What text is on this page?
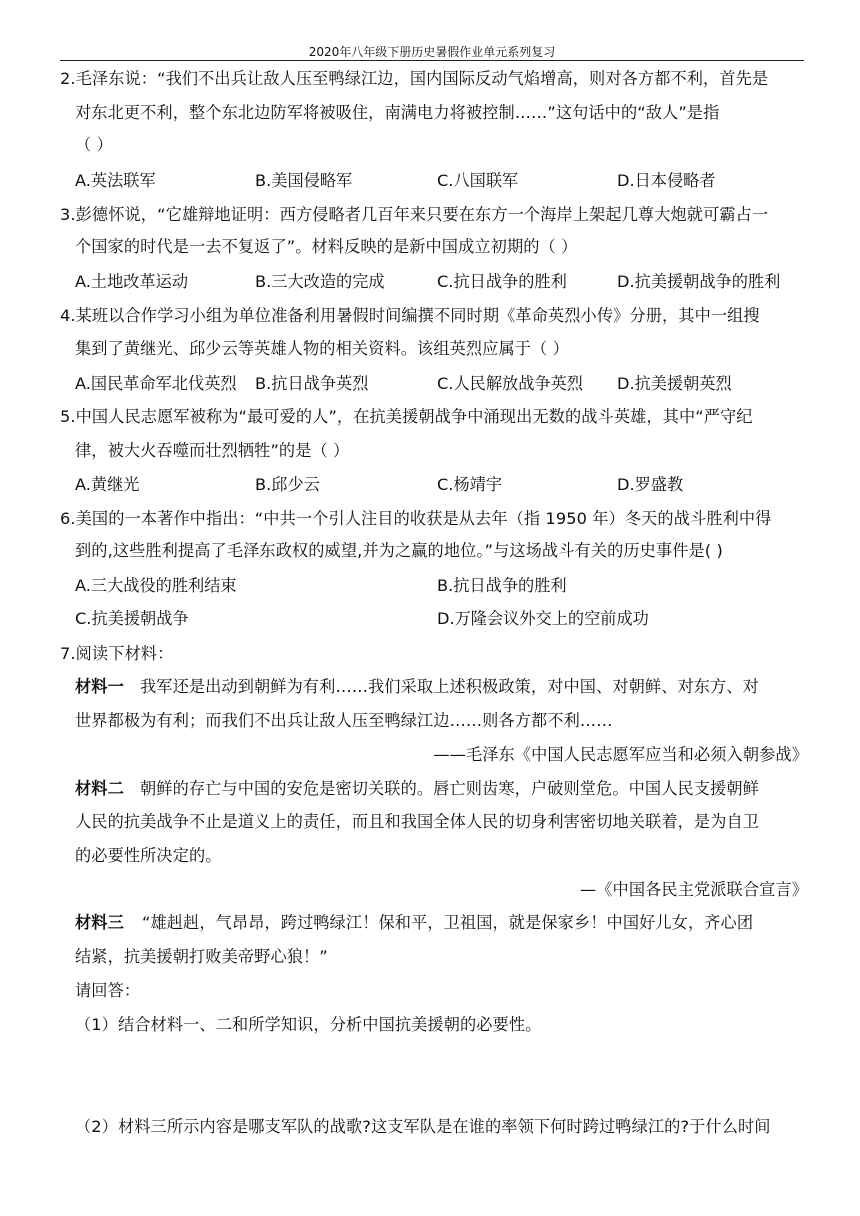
2020年八年级下册历史暑假作业单元系列复习
2.毛泽东说：“我们不出兵让敌人压至鸭绿江边，国内国际反动气焰增高，则对各方都不利，首先是
对东北更不利，整个东北边防军将被吸住，南满电力将被控制……”这句话中的“敌人”是指
（ ）
A.英法联军	B.美国侵略军	C.八国联军	D.日本侵略者
3.彭德怀说，“它雄辩地证明：西方侵略者几百年来只要在东方一个海岸上架起几尊大炮就可霸占一
个国家的时代是一去不复返了”。材料反映的是新中国成立初期的（ ）
A.土地改革运动	B.三大改造的完成	C.抗日战争的胜利	D.抗美援朝战争的胜利
4.某班以合作学习小组为单位准备利用暑假时间编撰不同时期《革命英烈小传》分册，其中一组搜
集到了黄继光、邱少云等英雄人物的相关资料。该组英烈应属于（ ）
A.国民革命军北伐英烈 B.抗日战争英烈	C.人民解放战争英烈 D.抗美援朝英烈
5.中国人民志愿军被称为“最可爱的人”，在抗美援朝战争中涌现出无数的战斗英雄，其中“严守纪
律，被大火吞噬而壮烈牺牲”的是（ ）
A.黄继光	B.邱少云	C.杨靖宇	D.罗盛教
6.美国的一本著作中指出：“中共一个引人注目的收获是从去年（指 1950 年）冬天的战斗胜利中得
到的,这些胜利提高了毛泽东政权的威望,并为之赢的地位。”与这场战斗有关的历史事件是( )
A.三大战役的胜利结束	B.抗日战争的胜利
C.抗美援朝战争	D.万隆会议外交上的空前成功
7.阅读下材料：
材料一 我军还是出动到朝鲜为有利……我们采取上述积极政策，对中国、对朝鲜、对东方、对
世界都极为有利；而我们不出兵让敌人压至鸭绿江边……则各方都不利……
——毛泽东《中国人民志愿军应当和必须入朝参战》
材料二 朝鲜的存亡与中国的安危是密切关联的。唇亡则齿寒，户破则堂危。中国人民支援朝鲜
人民的抗美战争不止是道义上的责任，而且和我国全体人民的切身利害密切地关联着，是为自卫
的必要性所决定的。
—《中国各民主党派联合宣言》
材料三 “雄赳赳，气昂昂，跨过鸭绿江！保和平，卫祖国，就是保家乡！中国好儿女，齐心团
结紧，抗美援朝打败美帝野心狼！”
请回答：
（1）结合材料一、二和所学知识，分析中国抗美援朝的必要性。
（2）材料三所示内容是哪支军队的战歌?这支军队是在谁的率领下何时跨过鸭绿江的?于什么时间
